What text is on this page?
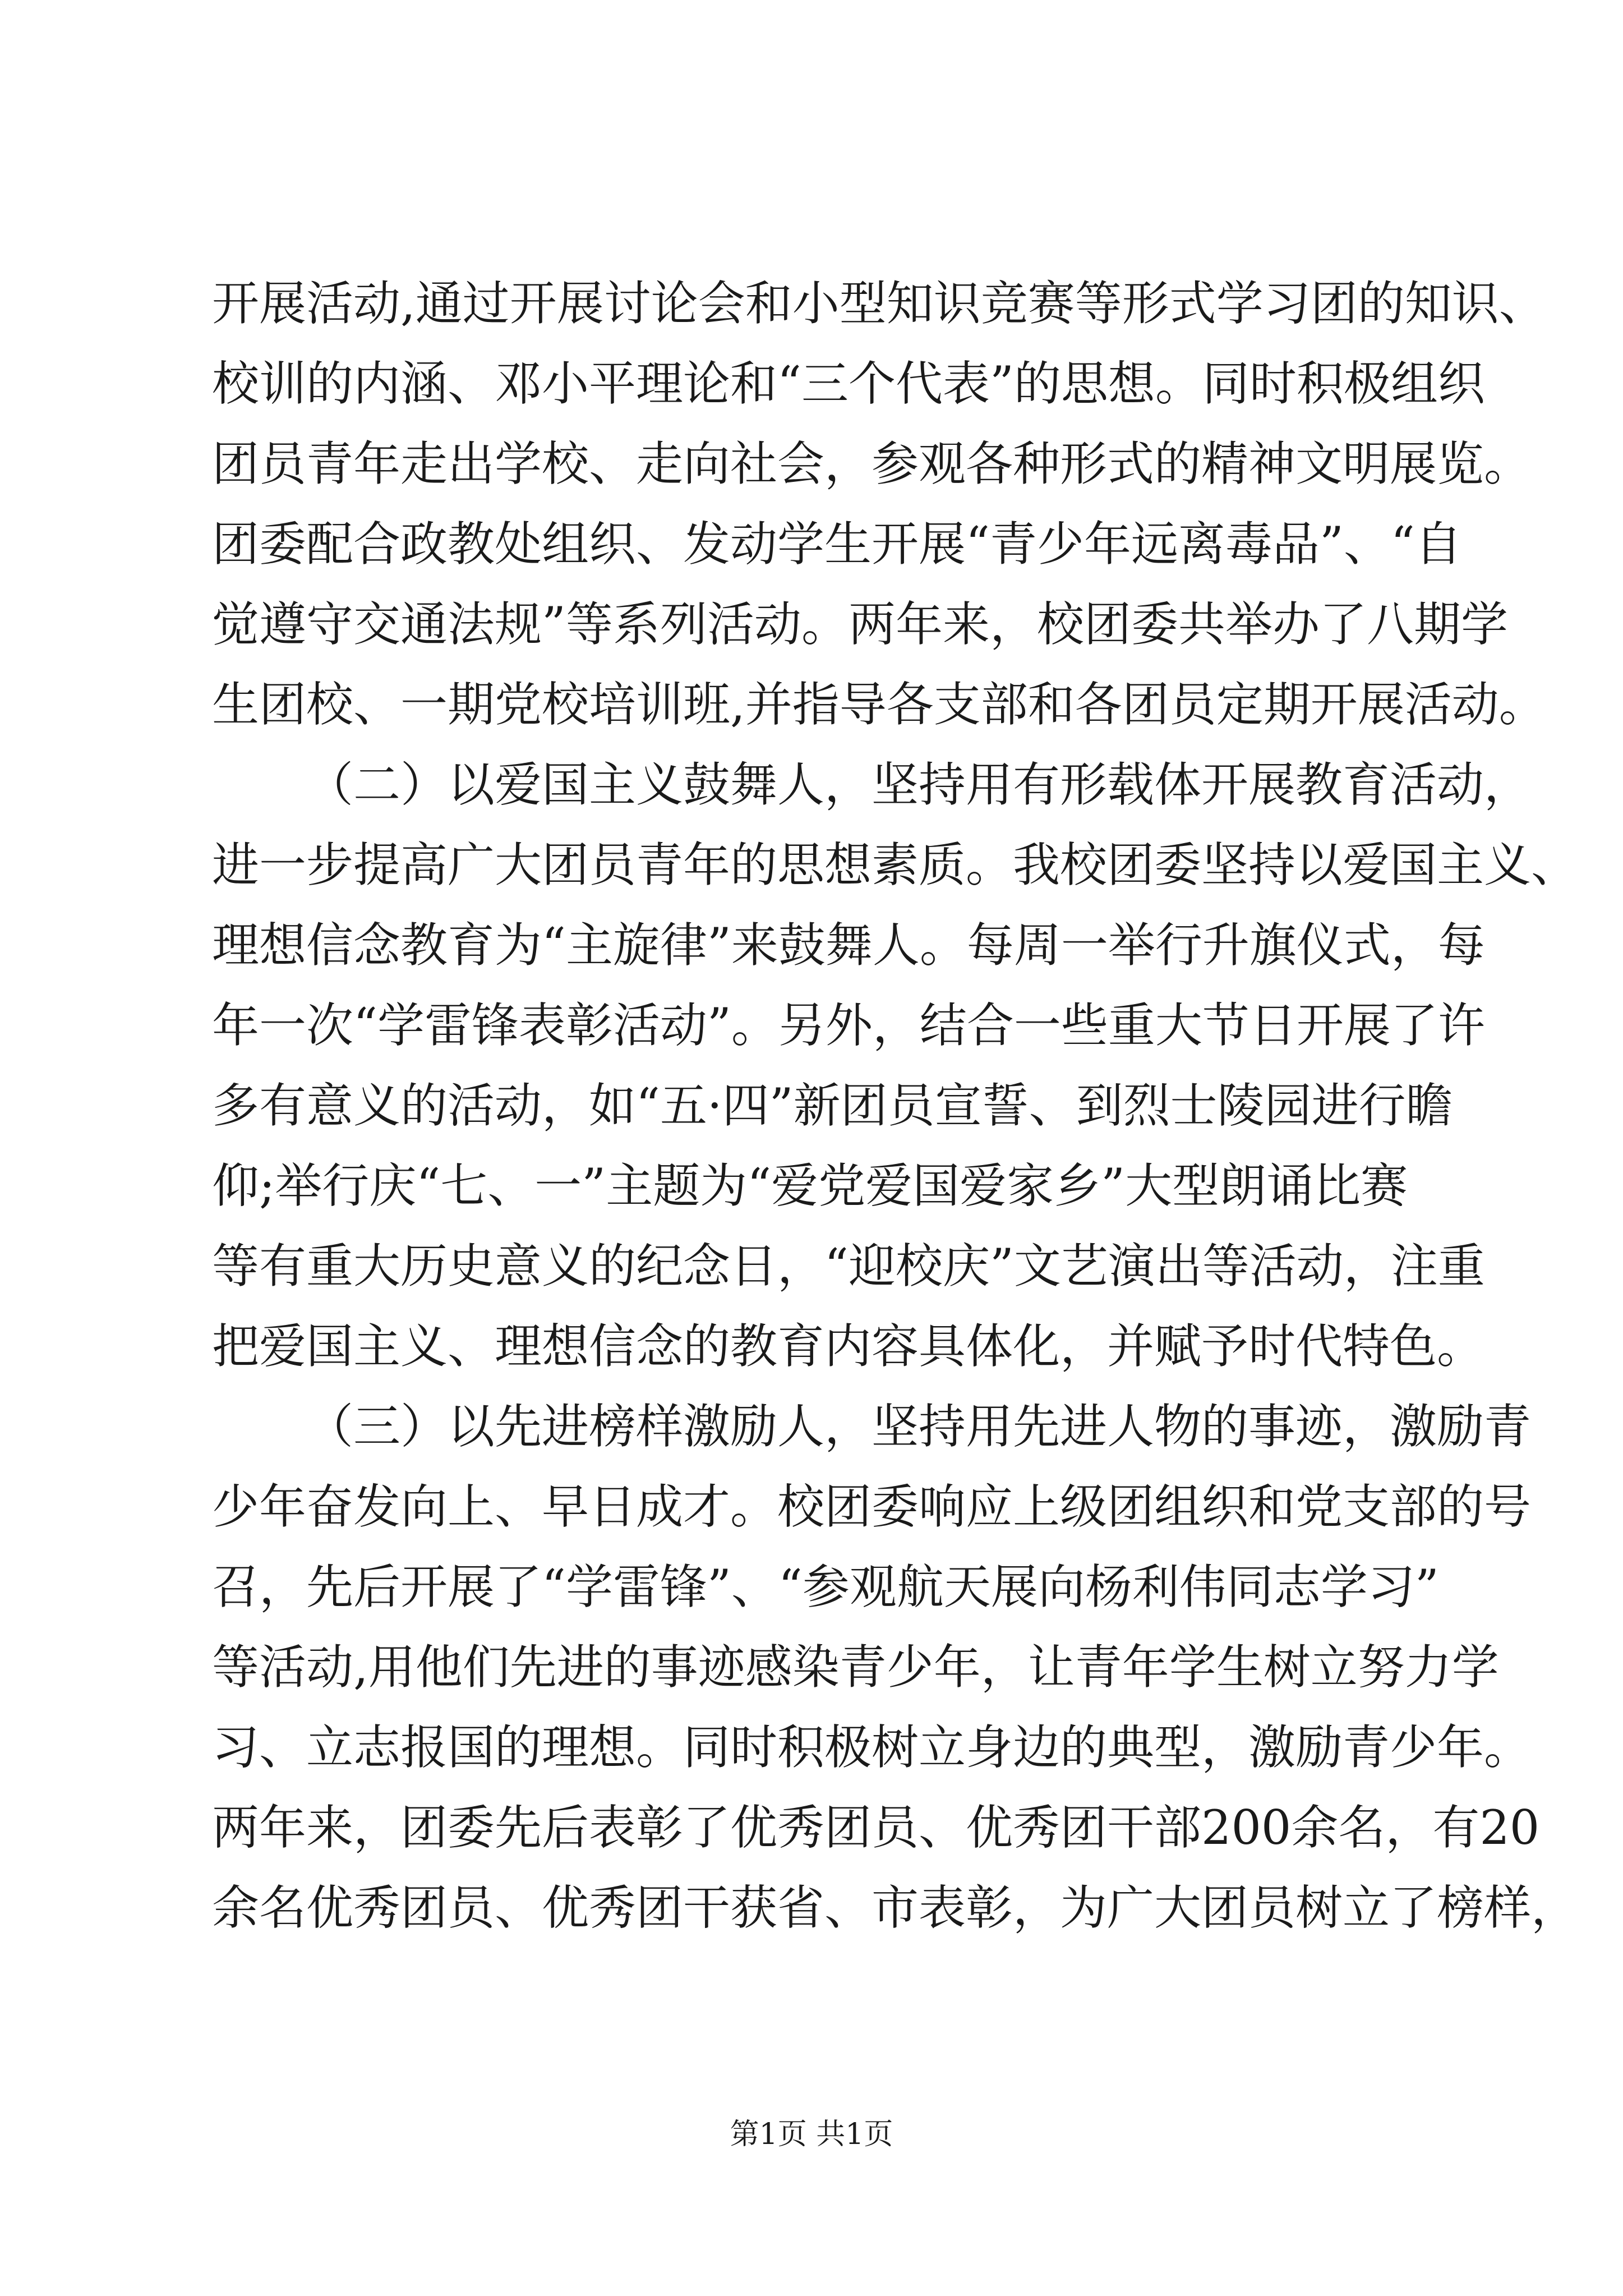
开展活动,通过开展讨论会和小型知识竞赛等形式学习团的知识、
校训的内涵、邓小平理论和“三个代表”的思想。同时积极组织
团员青年走出学校、走向社会，参观各种形式的精神文明展览。
团委配合政教处组织、发动学生开展“青少年远离毒品”、“自
觉遵守交通法规”等系列活动。两年来，校团委共举办了八期学
生团校、一期党校培训班,并指导各支部和各团员定期开展活动。
（二）以爱国主义鼓舞人，坚持用有形载体开展教育活动，
进一步提高广大团员青年的思想素质。我校团委坚持以爱国主义、
理想信念教育为“主旋律”来鼓舞人。每周一举行升旗仪式，每
年一次“学雷锋表彰活动”。另外，结合一些重大节日开展了许
多有意义的活动，如“五·四”新团员宣誓、到烈士陵园进行瞻
仰;举行庆“七、一”主题为“爱党爱国爱家乡”大型朗诵比赛
等有重大历史意义的纪念日，“迎校庆”文艺演出等活动，注重
把爱国主义、理想信念的教育内容具体化，并赋予时代特色。
（三）以先进榜样激励人，坚持用先进人物的事迹，激励青
少年奋发向上、早日成才。校团委响应上级团组织和党支部的号
召，先后开展了“学雷锋”、“参观航天展向杨利伟同志学习”
等活动,用他们先进的事迹感染青少年，让青年学生树立努力学
习、立志报国的理想。同时积极树立身边的典型，激励青少年。
两年来，团委先后表彰了优秀团员、优秀团干部200余名，有20
余名优秀团员、优秀团干获省、市表彰，为广大团员树立了榜样，
第1页 共1页
